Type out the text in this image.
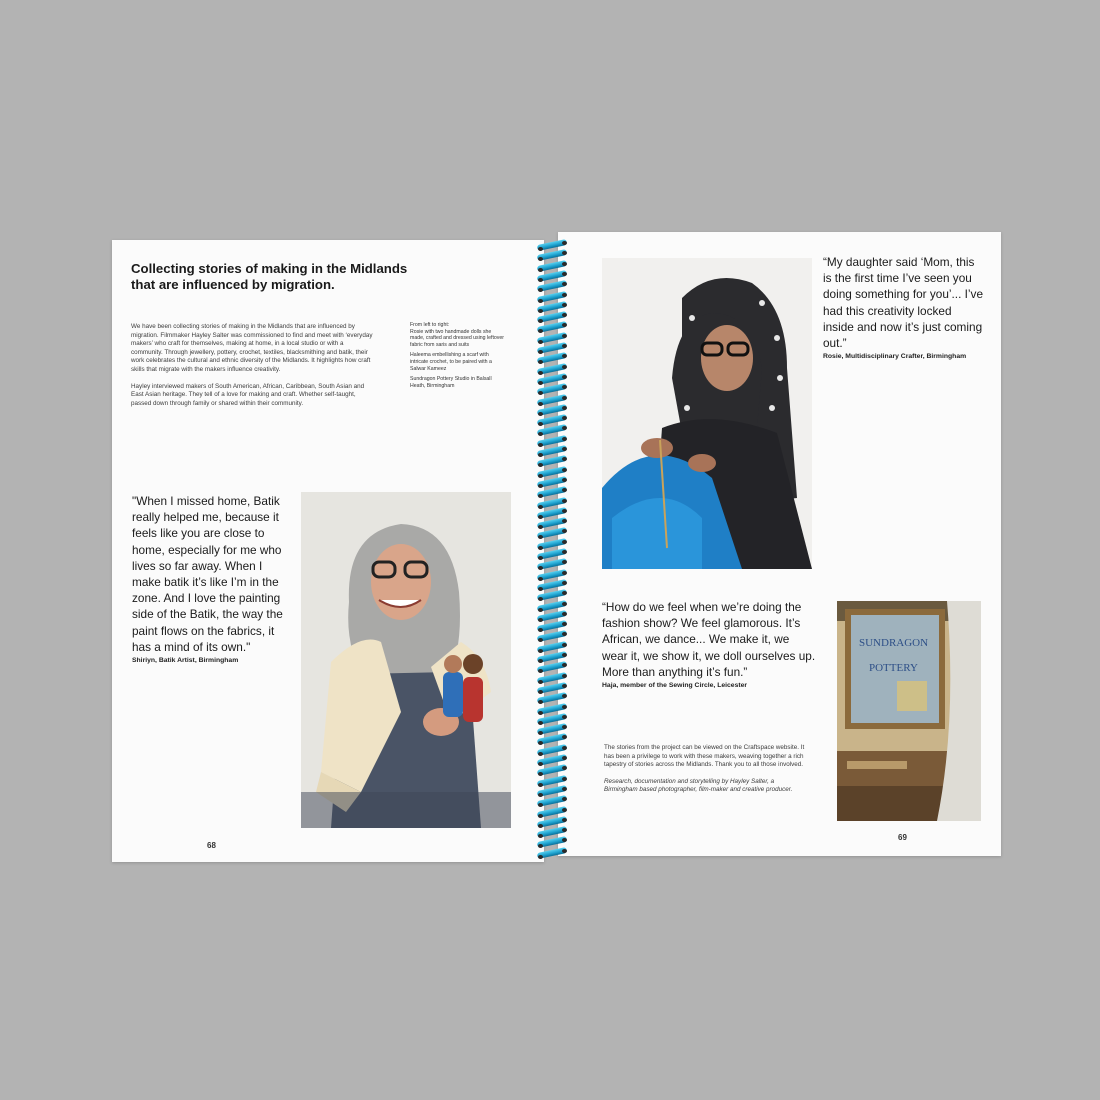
Collecting stories of making in the Midlands that are influenced by migration.

We have been collecting stories of making in the Midlands that are influenced by migration. Filmmaker Hayley Salter was commissioned to find and meet with ‘everyday makers’ who craft for themselves, making at home, in a local studio or with a community. Through jewellery, pottery, crochet, textiles, blacksmithing and batik, their work celebrates the cultural and ethnic diversity of the Midlands. It highlights how craft skills that migrate with the makers influence creativity.

Hayley interviewed makers of South American, African, Caribbean, South Asian and East Asian heritage. They tell of a love for making and craft. Whether self-taught, passed down through family or shared within their community.

From left to right:
Rosie with two handmade dolls she made, crafted and dressed using leftover fabric from saris and suits
Haleema embellishing a scarf with intricate crochet, to be paired with a Salwar Kameez
Sundragon Pottery Studio in Balsall Heath, Birmingham
"When I missed home, Batik really helped me, because it feels like you are close to home, especially for me who lives so far away. When I make batik it’s like I’m in the zone. And I love the painting side of the Batik, the way the paint flows on the fabrics, it has a mind of its own."
Shiriyn, Batik Artist, Birmingham
68
“My daughter said ‘Mom, this is the first time I’ve seen you doing something for you’... I’ve had this creativity locked inside and now it’s just coming out.”
Rosie, Multidisciplinary Crafter, Birmingham
“How do we feel when we’re doing the fashion show? We feel glamorous. It’s African, we dance... We make it, we wear it, we show it, we doll ourselves up. More than anything it’s fun.”
Haja, member of the Sewing Circle, Leicester

The stories from the project can be viewed on the Craftspace website. It has been a privilege to work with these makers, weaving together a rich tapestry of stories across the Midlands. Thank you to all those involved.

Research, documentation and storytelling by Hayley Salter, a Birmingham based photographer, film-maker and creative producer.

SUNDRAGON
POTTERY
69
